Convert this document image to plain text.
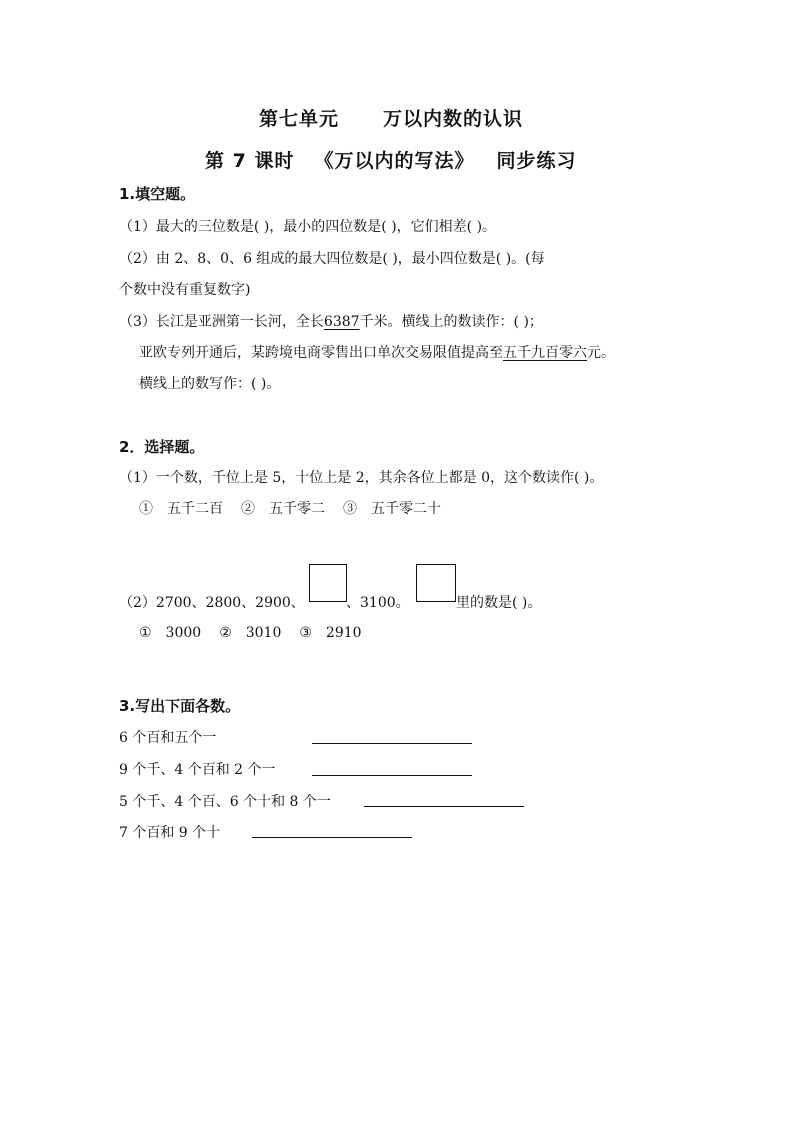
第七单元 万以内数的认识
第 7 课时 《万以内的写法》 同步练习
1.填空题。
（1）最大的三位数是( )，最小的四位数是( )，它们相差( )。
（2）由 2、8、0、6 组成的最大四位数是( )，最小四位数是( )。(每
个数中没有重复数字)
（3）长江是亚洲第一长河，全长6387千米。横线上的数读作：( )；
亚欧专列开通后，某跨境电商零售出口单次交易限值提高至五千九百零六元。
横线上的数写作：( )。
2．选择题。
（1）一个数，千位上是 5，十位上是 2，其余各位上都是 0，这个数读作( )。
①　五千二百 ②　五千零二 ③　五千零二十
（2）2700、2800、2900、	、3100。	里的数是( )。
①　3000 ②　3010 ③　2910
3.写出下面各数。
6 个百和五个一
9 个千、4 个百和 2 个一
5 个千、4 个百、6 个十和 8 个一
7 个百和 9 个十
